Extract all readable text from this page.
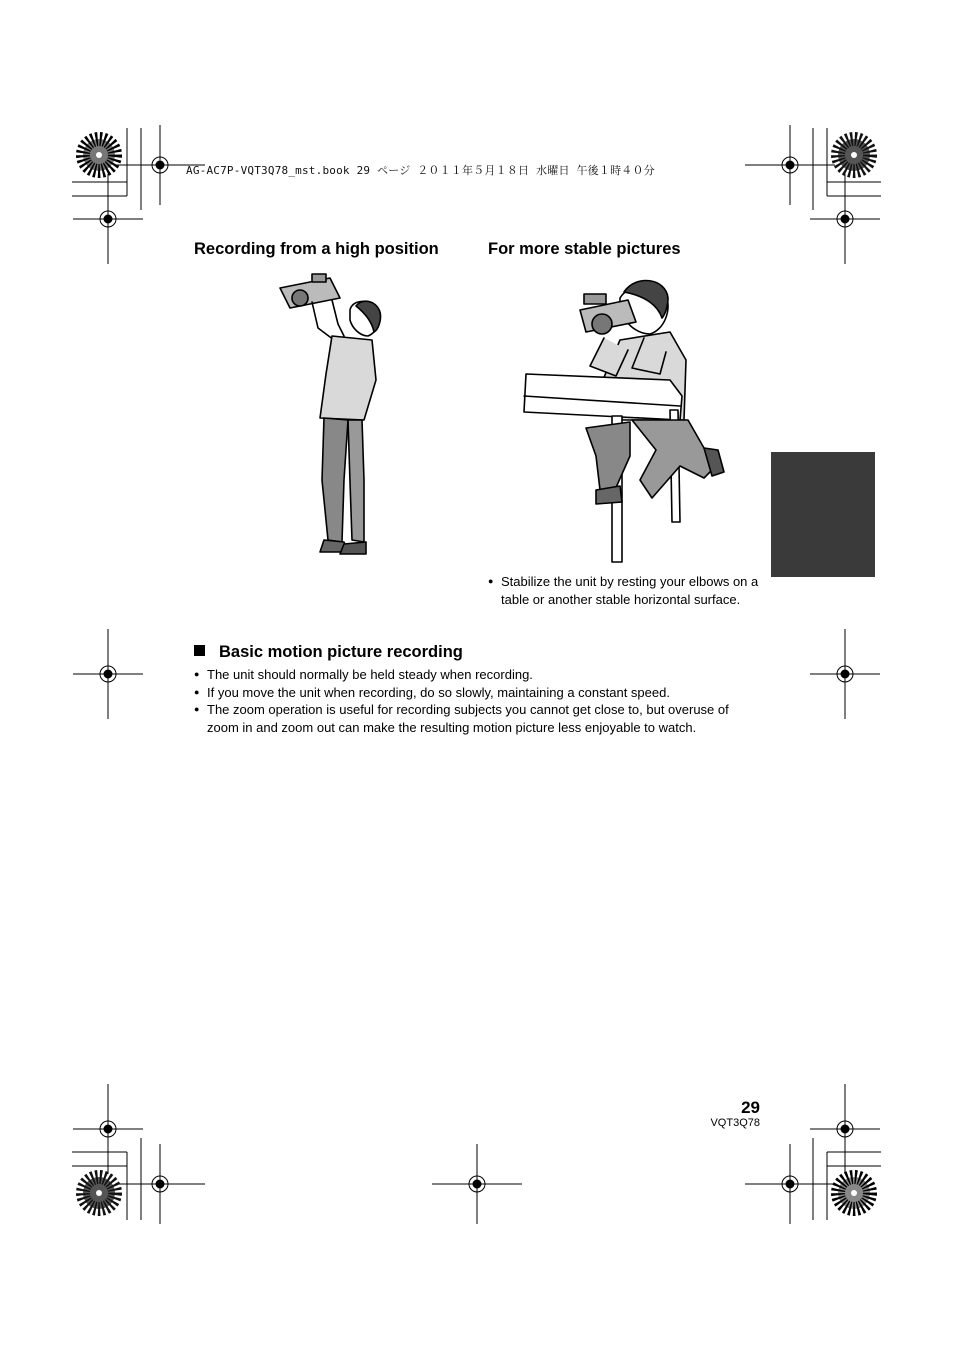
AG-AC7P-VQT3Q78_mst.book 29 ページ ２０１１年５月１８日 水曜日 午後１時４０分
Recording from a high position	For more stable pictures
● Stabilize the unit by resting your elbows on a table or another stable horizontal surface.
Basic motion picture recording
● The unit should normally be held steady when recording.
● If you move the unit when recording, do so slowly, maintaining a constant speed.
● The zoom operation is useful for recording subjects you cannot get close to, but overuse of zoom in and zoom out can make the resulting motion picture less enjoyable to watch.
29
VQT3Q78
